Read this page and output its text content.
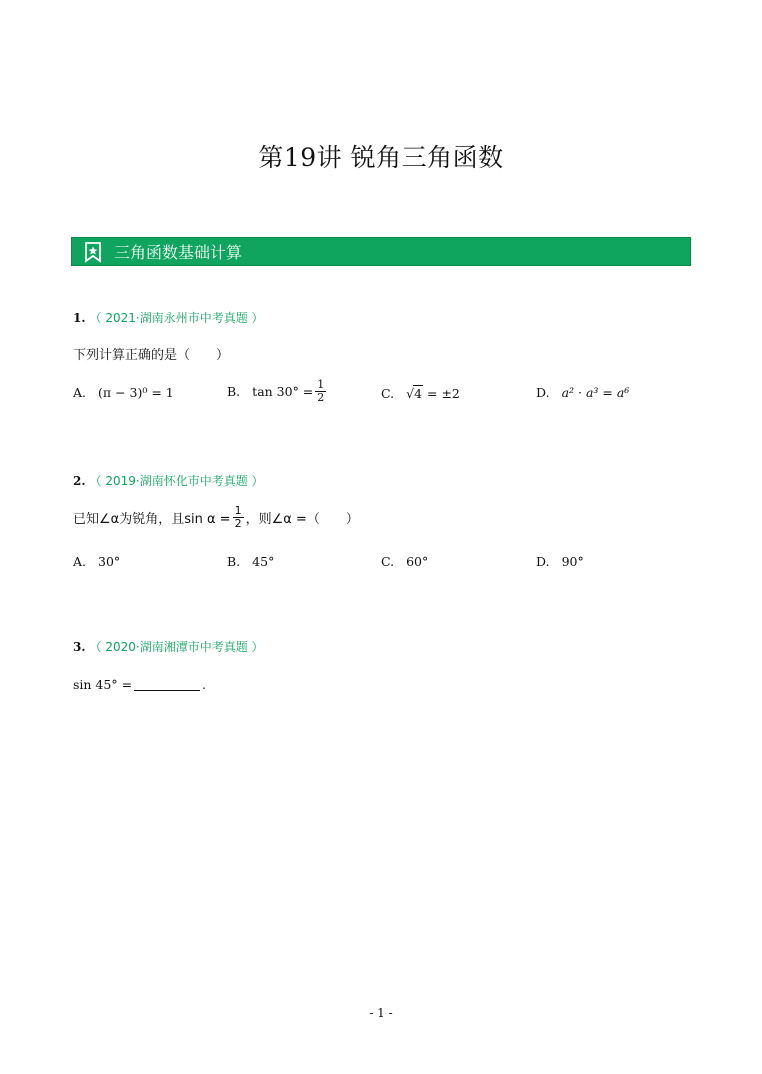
第19讲 锐角三角函数
三角函数基础计算
1. （ 2021·湖南永州市中考真题 ）
下列计算正确的是（　　）
A. (π − 3)⁰ = 1	B. $\tan 30^\circ = \frac{1}{2}$	C. √ 4 = ±2	D. a² · a³ = a⁶
2. （ 2019·湖南怀化市中考真题 ）
已知∠α为锐角，且$\sin \alpha = \frac{1}{2}$ ，则∠α =（　　）
A. 30°	B. 45°	C. 60°	D. 90°
3. （ 2020·湖南湘潭市中考真题 ）
sin 45° =	.
- 1 -
